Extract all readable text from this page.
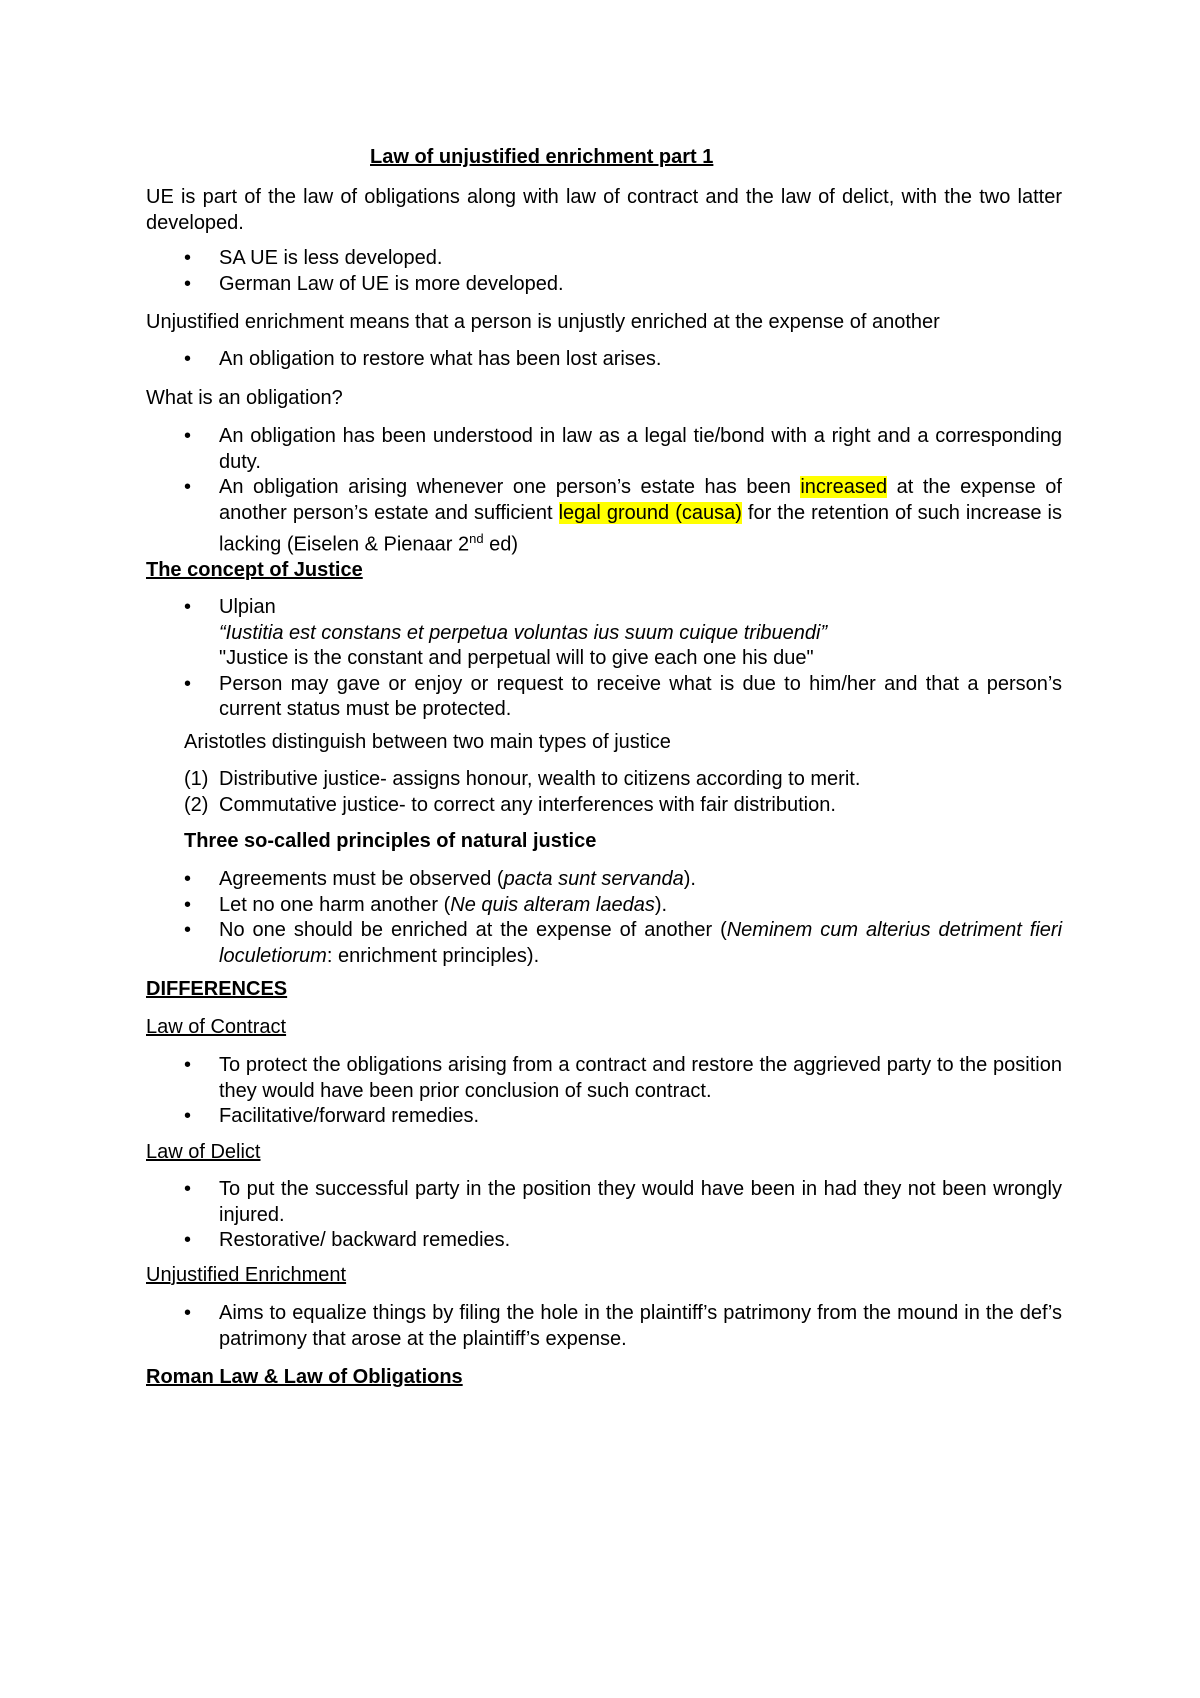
Law of unjustified enrichment part 1
UE is part of the law of obligations along with law of contract and the law of delict, with the two latter developed.
• SA UE is less developed.
• German Law of UE is more developed.
Unjustified enrichment means that a person is unjustly enriched at the expense of another
• An obligation to restore what has been lost arises.
What is an obligation?
• An obligation has been understood in law as a legal tie/bond with a right and a corresponding duty.
• An obligation arising whenever one person’s estate has been increased at the expense of another person’s estate and sufficient legal ground (causa) for the retention of such increase is lacking (Eiselen & Pienaar 2nd ed)
The concept of Justice
• Ulpian
“Iustitia est constans et perpetua voluntas ius suum cuique tribuendi”
"Justice is the constant and perpetual will to give each one his due"
• Person may gave or enjoy or request to receive what is due to him/her and that a person’s current status must be protected.
Aristotles distinguish between two main types of justice
(1) Distributive justice- assigns honour, wealth to citizens according to merit.
(2) Commutative justice- to correct any interferences with fair distribution.
Three so-called principles of natural justice
• Agreements must be observed (pacta sunt servanda).
• Let no one harm another (Ne quis alteram laedas).
• No one should be enriched at the expense of another (Neminem cum alterius detriment fieri loculetiorum: enrichment principles).
DIFFERENCES
Law of Contract
• To protect the obligations arising from a contract and restore the aggrieved party to the position they would have been prior conclusion of such contract.
• Facilitative/forward remedies.
Law of Delict
• To put the successful party in the position they would have been in had they not been wrongly injured.
• Restorative/ backward remedies.
Unjustified Enrichment
• Aims to equalize things by filing the hole in the plaintiff’s patrimony from the mound in the def’s patrimony that arose at the plaintiff’s expense.
Roman Law & Law of Obligations
